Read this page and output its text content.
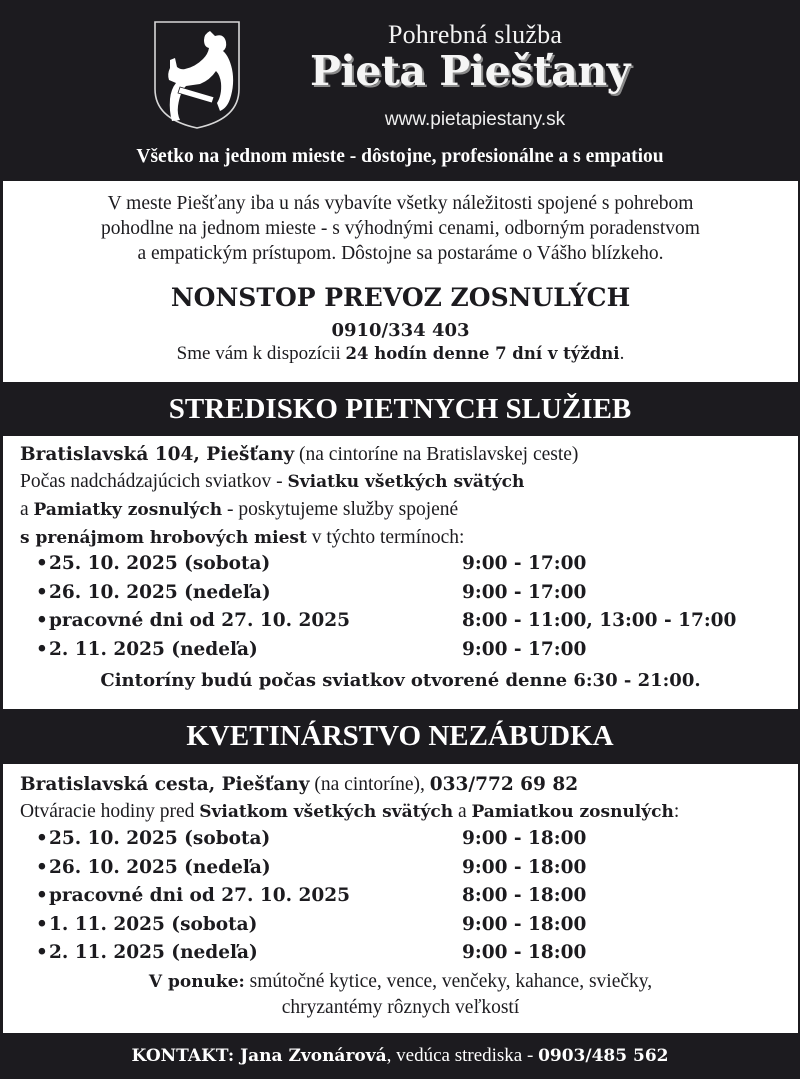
Pohrebná služba
Pieta Piešťany
www.pietapiestany.sk
Všetko na jednom mieste - dôstojne, profesionálne a s empatiou
V meste Piešťany iba u nás vybavíte všetky náležitosti spojené s pohrebom
pohodlne na jednom mieste - s výhodnými cenami, odborným poradenstvom
a empatickým prístupom. Dôstojne sa postaráme o Vášho blízkeho.
NONSTOP PREVOZ ZOSNULÝCH
0910/334 403
Sme vám k dispozícii 24 hodín denne 7 dní v týždni.
STREDISKO PIETNYCH SLUŽIEB
Bratislavská 104, Piešťany (na cintoríne na Bratislavskej ceste)
Počas nadchádzajúcich sviatkov - Sviatku všetkých svätých
a Pamiatky zosnulých - poskytujeme služby spojené
s prenájmom hrobových miest v týchto termínoch:
•25. 10. 2025 (sobota)	9:00 - 17:00
•26. 10. 2025 (nedeľa)	9:00 - 17:00
•pracovné dni od 27. 10. 2025	8:00 - 11:00, 13:00 - 17:00
•2. 11. 2025 (nedeľa)	9:00 - 17:00
Cintoríny budú počas sviatkov otvorené denne 6:30 - 21:00.
KVETINÁRSTVO NEZÁBUDKA
Bratislavská cesta, Piešťany (na cintoríne), 033/772 69 82
Otváracie hodiny pred Sviatkom všetkých svätých a Pamiatkou zosnulých:
•25. 10. 2025 (sobota)	9:00 - 18:00
•26. 10. 2025 (nedeľa)	9:00 - 18:00
•pracovné dni od 27. 10. 2025	8:00 - 18:00
•1. 11. 2025 (sobota)	9:00 - 18:00
•2. 11. 2025 (nedeľa)	9:00 - 18:00
V ponuke: smútočné kytice, vence, venčeky, kahance, sviečky,
chryzantémy rôznych veľkostí
KONTAKT: Jana Zvonárová, vedúca strediska - 0903/485 562
